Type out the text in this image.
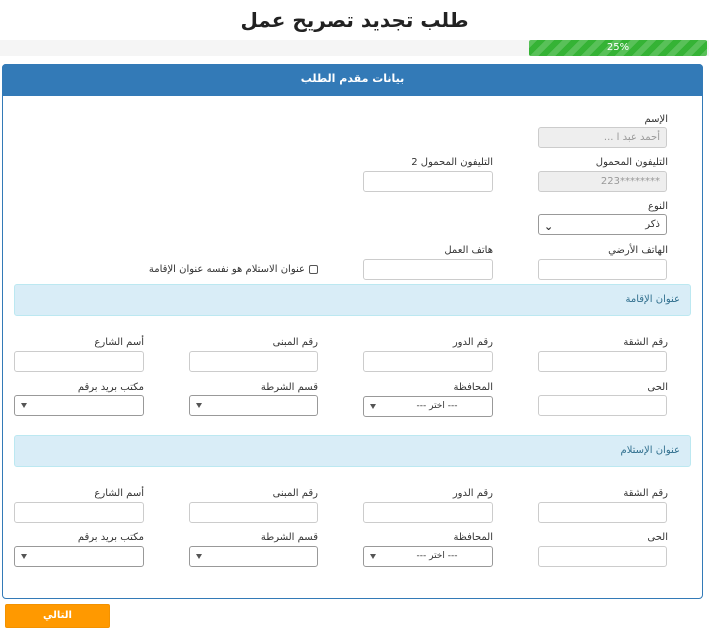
طلب تجديد تصريح عمل
25%
بيانات مقدم الطلب
الإسم
أحمد عبد ا ...
التليفون المحمول
********223
التليفون المحمول 2
النوع
ذكر
⌄
الهاتف الأرضي
هاتف العمل
عنوان الاستلام هو نفسه عنوان الإقامة
عنوان الإقامة
رقم الشقة
رقم الدور
رقم المبنى
أسم الشارع
الحى
المحافظة
--- اختر ---
قسم الشرطة
مكتب بريد برقم
عنوان الإستلام
رقم الشقة
رقم الدور
رقم المبنى
أسم الشارع
الحى
المحافظة
--- اختر ---
قسم الشرطة
مكتب بريد برقم
التالي
